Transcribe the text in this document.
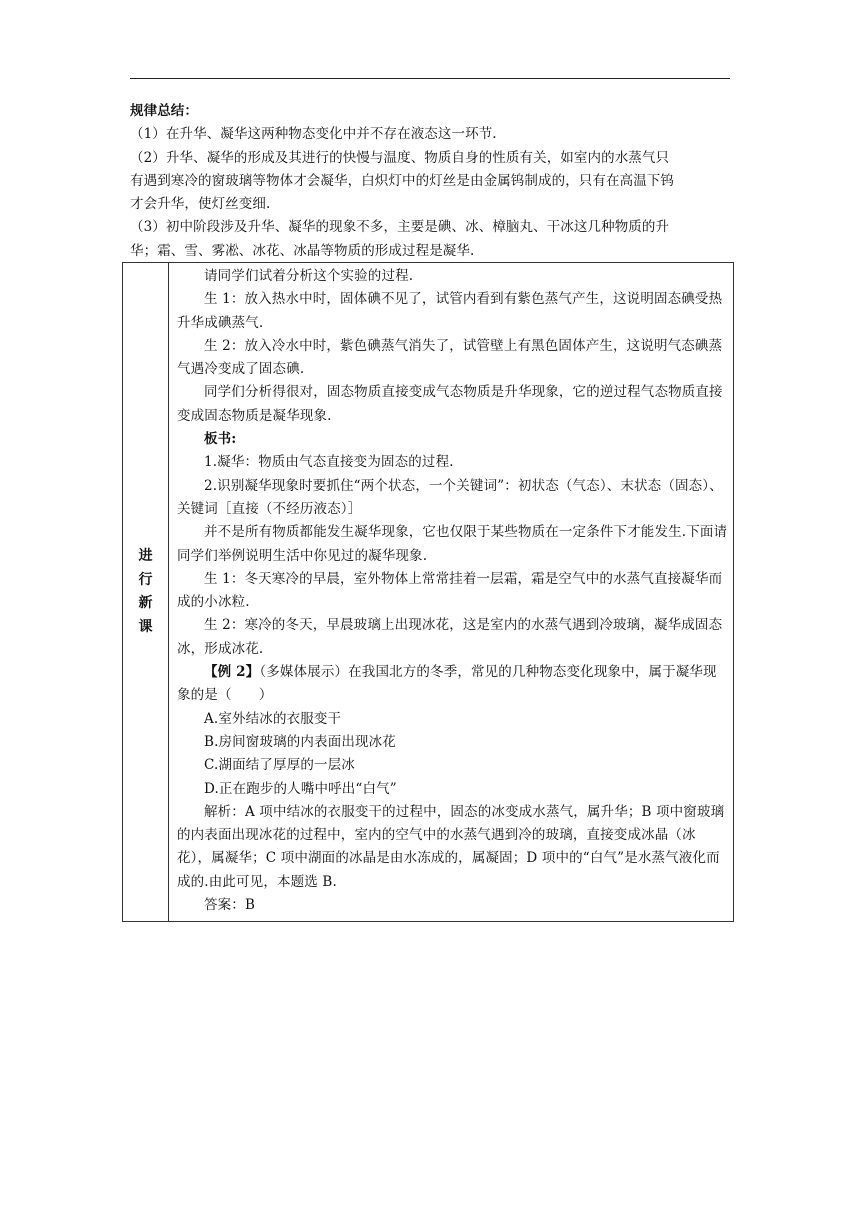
规律总结：
（1）在升华、凝华这两种物态变化中并不存在液态这一环节.
（2）升华、凝华的形成及其进行的快慢与温度、物质自身的性质有关，如室内的水蒸气只
有遇到寒冷的窗玻璃等物体才会凝华，白炽灯中的灯丝是由金属钨制成的，只有在高温下钨
才会升华，使灯丝变细.
（3）初中阶段涉及升华、凝华的现象不多，主要是碘、冰、樟脑丸、干冰这几种物质的升
华；霜、雪、雾凇、冰花、冰晶等物质的形成过程是凝华.
进行新课	
请同学们试着分析这个实验的过程.
生 1：放入热水中时，固体碘不见了，试管内看到有紫色蒸气产生，这说明固态碘受热升华成碘蒸气.
生 2：放入冷水中时，紫色碘蒸气消失了，试管壁上有黑色固体产生，这说明气态碘蒸气遇冷变成了固态碘.
同学们分析得很对，固态物质直接变成气态物质是升华现象，它的逆过程气态物质直接变成固态物质是凝华现象.
板书:
1.凝华：物质由气态直接变为固态的过程.
2.识别凝华现象时要抓住“两个状态，一个关键词”：初状态（气态）、末状态（固态）、关键词［直接（不经历液态）］
并不是所有物质都能发生凝华现象，它也仅限于某些物质在一定条件下才能发生.下面请同学们举例说明生活中你见过的凝华现象.
生 1：冬天寒冷的早晨，室外物体上常常挂着一层霜，霜是空气中的水蒸气直接凝华而成的小冰粒.
生 2：寒冷的冬天，早晨玻璃上出现冰花，这是室内的水蒸气遇到冷玻璃，凝华成固态冰，形成冰花.
【例 2】（多媒体展示）在我国北方的冬季，常见的几种物态变化现象中，属于凝华现象的是（　　）
A.室外结冰的衣服变干
B.房间窗玻璃的内表面出现冰花
C.湖面结了厚厚的一层冰
D.正在跑步的人嘴中呼出“白气”
解析：A 项中结冰的衣服变干的过程中，固态的冰变成水蒸气，属升华；B 项中窗玻璃的内表面出现冰花的过程中，室内的空气中的水蒸气遇到冷的玻璃，直接变成冰晶（冰花），属凝华；C 项中湖面的冰晶是由水冻成的，属凝固；D 项中的“白气”是水蒸气液化而成的.由此可见，本题选 B.
答案：B
